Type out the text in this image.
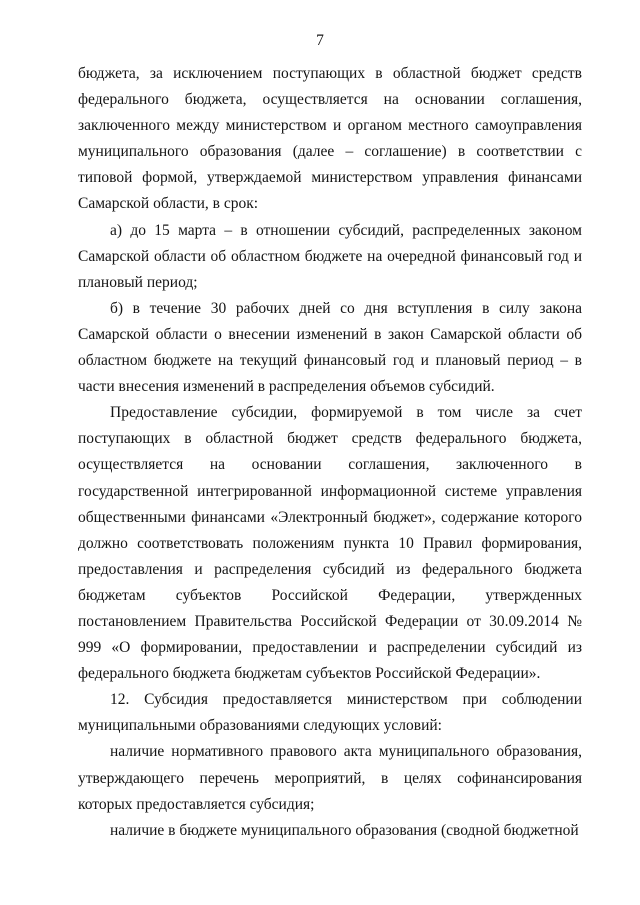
7

бюджета, за исключением поступающих в областной бюджет средств федерального бюджета, осуществляется на основании соглашения, заключенного между министерством и органом местного самоуправления муниципального образования (далее – соглашение) в соответствии с типовой формой, утверждаемой министерством управления финансами Самарской области, в срок:

а) до 15 марта – в отношении субсидий, распределенных законом Самарской области об областном бюджете на очередной финансовый год и плановый период;

б) в течение 30 рабочих дней со дня вступления в силу закона Самарской области о внесении изменений в закон Самарской области об областном бюджете на текущий финансовый год и плановый период – в части внесения изменений в распределения объемов субсидий.

Предоставление субсидии, формируемой в том числе за счет поступающих в областной бюджет средств федерального бюджета, осуществляется на основании соглашения, заключенного в государственной интегрированной информационной системе управления общественными финансами «Электронный бюджет», содержание которого должно соответствовать положениям пункта 10 Правил формирования, предоставления и распределения субсидий из федерального бюджета бюджетам субъектов Российской Федерации, утвержденных постановлением Правительства Российской Федерации от 30.09.2014 № 999 «О формировании, предоставлении и распределении субсидий из федерального бюджета бюджетам субъектов Российской Федерации».

12. Субсидия предоставляется министерством при соблюдении муниципальными образованиями следующих условий:

наличие нормативного правового акта муниципального образования, утверждающего перечень мероприятий, в целях софинансирования которых предоставляется субсидия;

наличие в бюджете муниципального образования (сводной бюджетной
